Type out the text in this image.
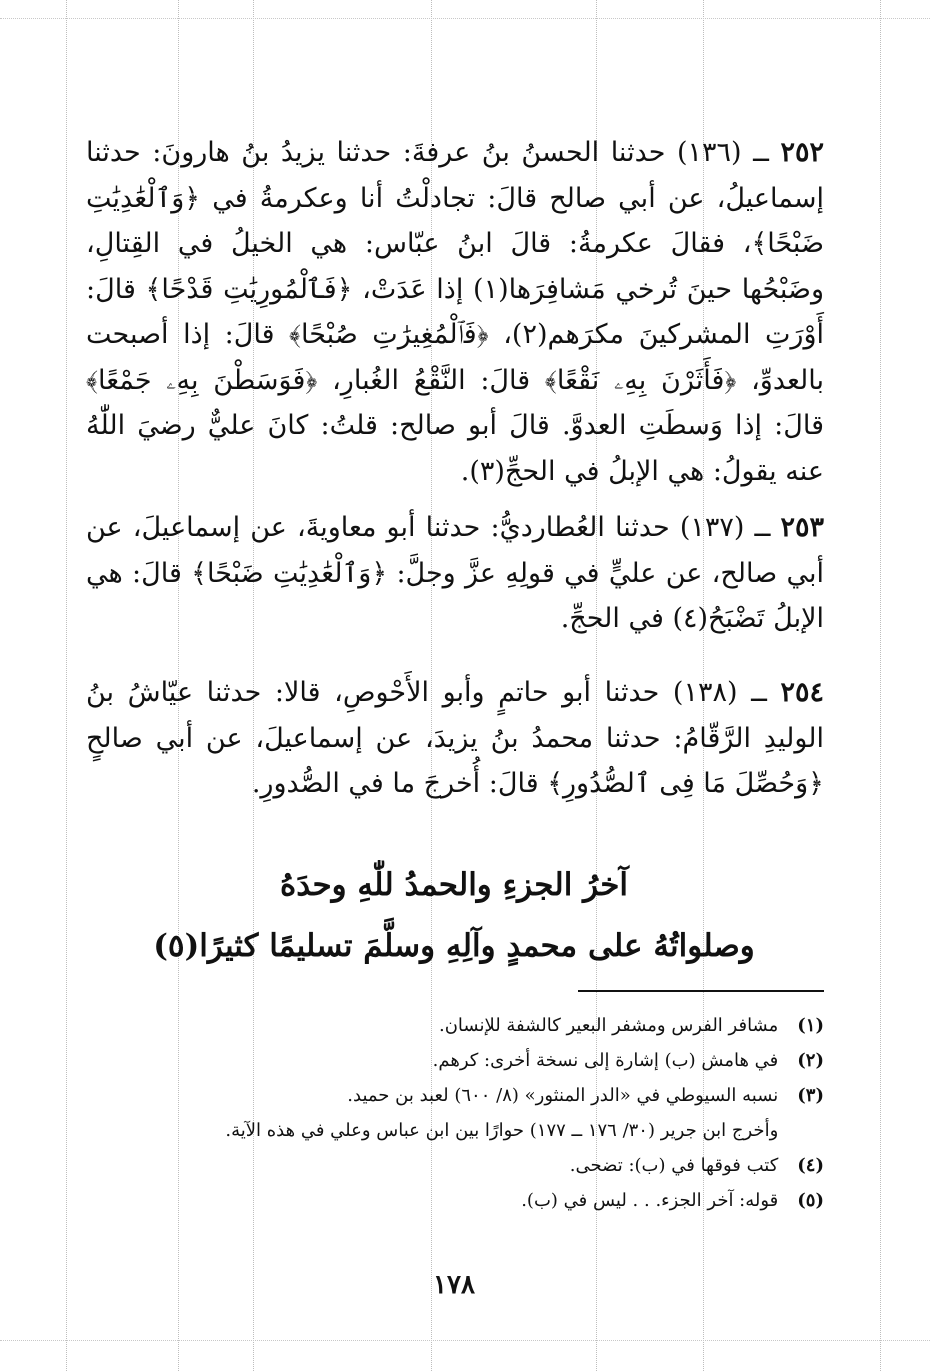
٢٥٢ ــ (١٣٦) حدثنا الحسنُ بنُ عرفةَ: حدثنا يزيدُ بنُ هارونَ: حدثنا إسماعيلُ، عن أبي صالح قالَ: تجادلْتُ أنا وعكرمةُ في ﴿وَٱلْعَٰدِيَٰتِ ضَبْحًا﴾، فقالَ عكرمةُ: قالَ ابنُ عبّاس: هي الخيلُ في القِتالِ، وضَبْحُها حينَ تُرخي مَشافِرَها(١) إذا عَدَتْ، ﴿فَٱلْمُورِيَٰتِ قَدْحًا﴾ قالَ: أَوْرَتِ المشركينَ مكرَهم(٢)، ﴿فَٱلْمُغِيرَٰتِ صُبْحًا﴾ قالَ: إذا أصبحت بالعدوِّ، ﴿فَأَثَرْنَ بِهِۦ نَقْعًا﴾ قالَ: النَّقْعُ الغُبارِ، ﴿فَوَسَطْنَ بِهِۦ جَمْعًا﴾ قالَ: إذا وَسطَتِ العدوَّ. قالَ أبو صالح: قلتُ: كانَ عليٌّ رضيَ اللّٰهُ عنه يقولُ: هي الإبلُ في الحجِّ(٣).

٢٥٣ ــ (١٣٧) حدثنا العُطارديُّ: حدثنا أبو معاويةَ، عن إسماعيلَ، عن أبي صالح، عن عليٍّ في قولِهِ عزَّ وجلَّ: ﴿وَٱلْعَٰدِيَٰتِ ضَبْحًا﴾ قالَ: هي الإبلُ تَضْبَحُ(٤) في الحجِّ.

٢٥٤ ــ (١٣٨) حدثنا أبو حاتمٍ وأبو الأَحْوصِ، قالا: حدثنا عيّاشُ بنُ الوليدِ الرَّقّامُ: حدثنا محمدُ بنُ يزيدَ، عن إسماعيلَ، عن أبي صالحٍ ﴿وَحُصِّلَ مَا فِى ٱلصُّدُورِ﴾ قالَ: أُخرجَ ما في الصُّدورِ.

آخرُ الجزءِ والحمدُ للّٰهِ وحدَهُ
وصلواتُهُ على محمدٍ وآلِهِ وسلَّمَ تسليمًا كثيرًا(٥)
(١) مشافر الفرس ومشفر البعير كالشفة للإنسان.
(٢) في هامش (ب) إشارة إلى نسخة أخرى: كرهم.
(٣) نسبه السيوطي في «الدر المنثور» (٨/ ٦٠٠) لعبد بن حميد.
وأخرج ابن جرير (٣٠/ ١٧٦ ــ ١٧٧) حوارًا بين ابن عباس وعلي في هذه الآية.
(٤) كتب فوقها في (ب): تضحى.
(٥) قوله: آخر الجزء. . . ليس في (ب).
١٧٨
